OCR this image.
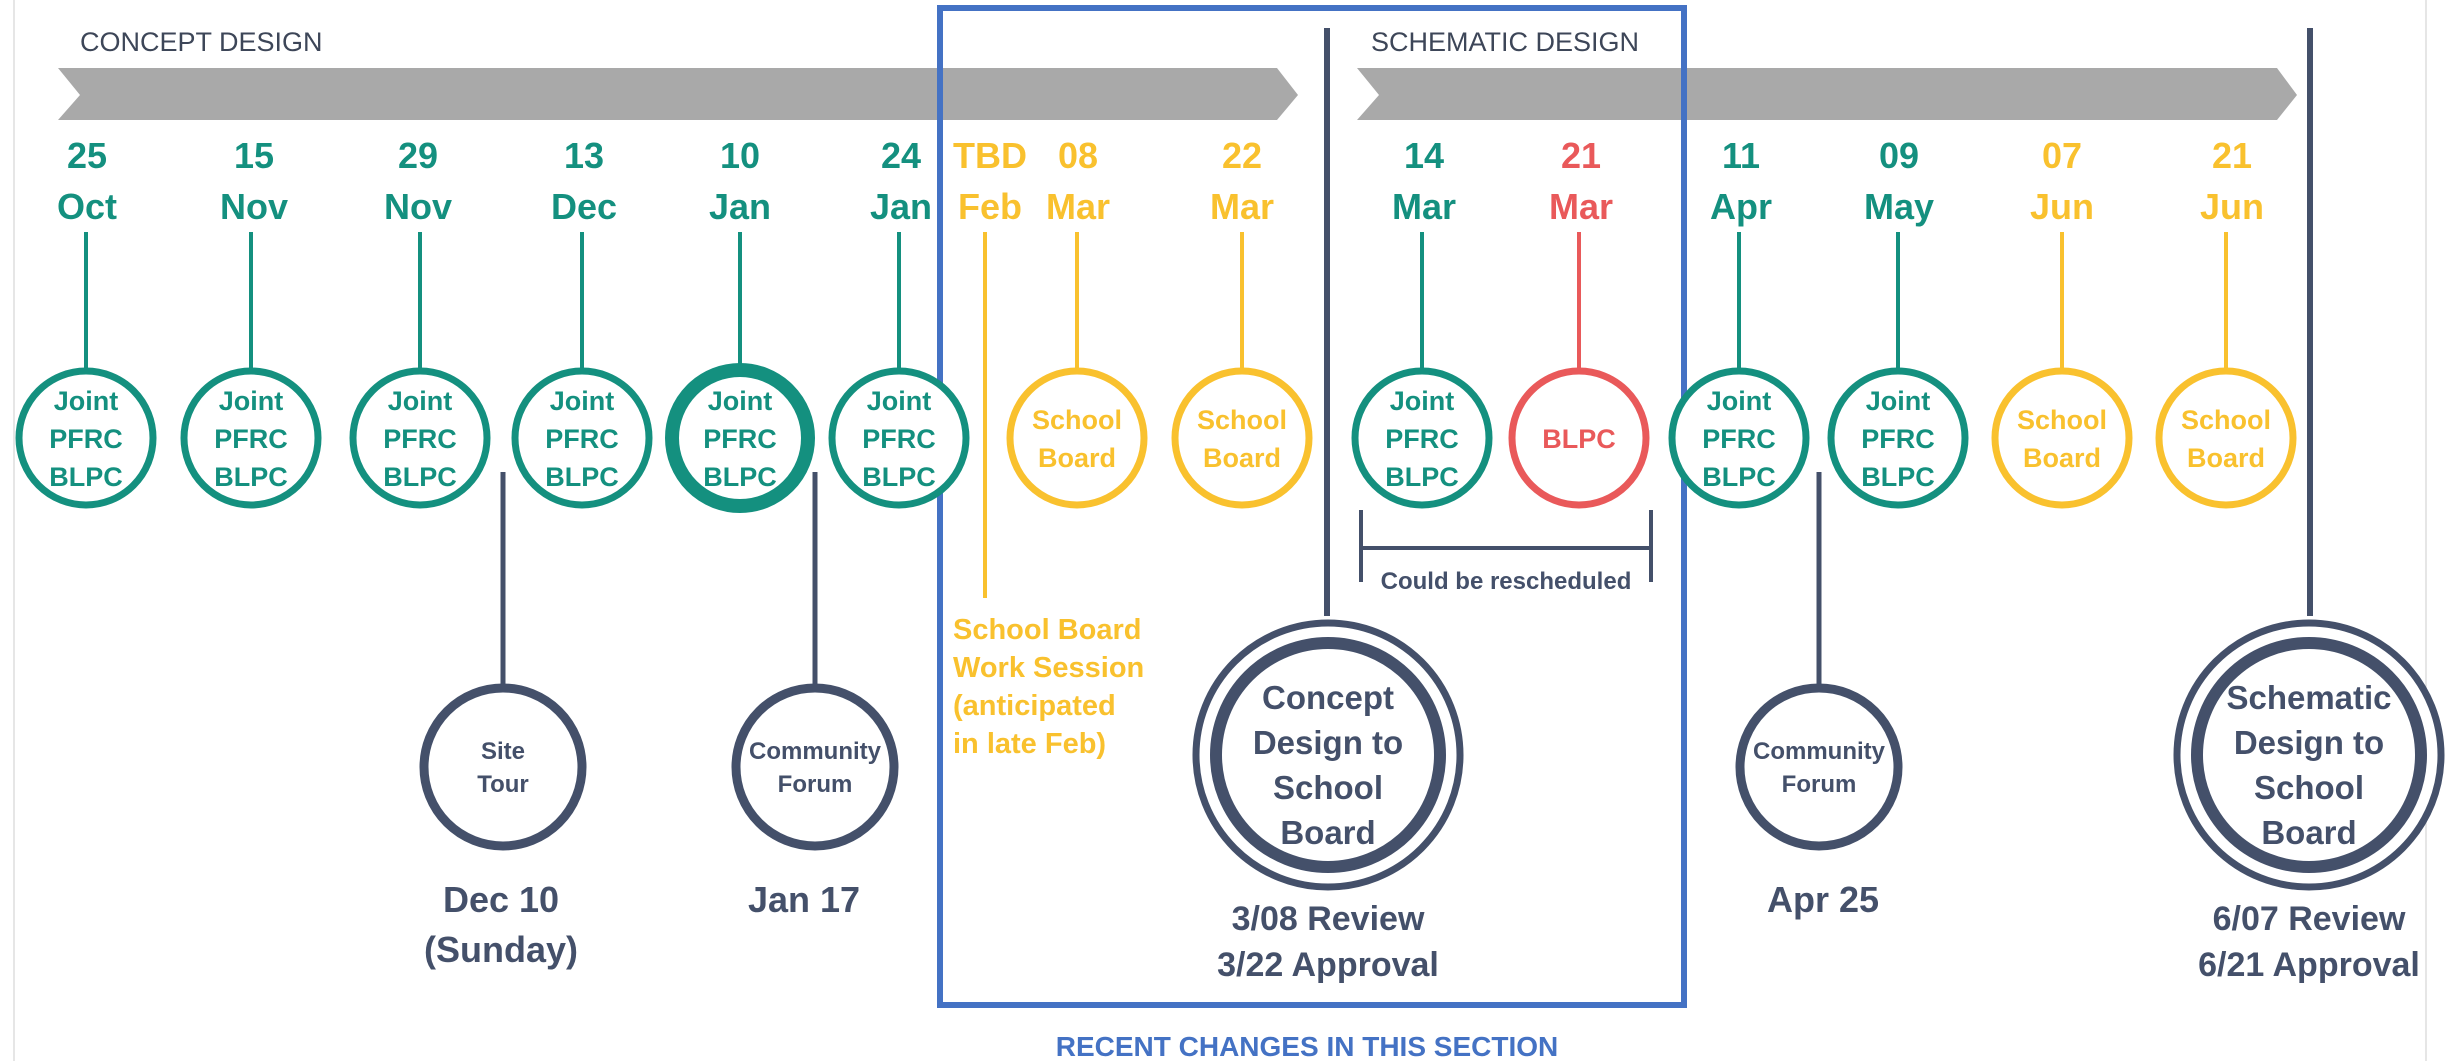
CONCEPT DESIGN	SCHEMATIC DESIGN
RECENT CHANGES IN THIS SECTION
25
Oct
15
Nov
29
Nov
13
Dec
10
Jan
24
Jan
08
Mar
22
Mar
14
Mar
21
Mar
11
Apr
09
May
07
Jun
21
Jun
TBD
Feb
School Board
Work Session
(anticipated
in late Feb)
Joint
PFRC
BLPC
Joint
PFRC
BLPC
Joint
PFRC
BLPC
Joint
PFRC
BLPC
Joint
PFRC
BLPC
Joint
PFRC
BLPC
School
Board
School
Board
Joint
PFRC
BLPC
BLPC
Joint
PFRC
BLPC
Joint
PFRC
BLPC
School
Board
School
Board
Could be rescheduled
Site
Tour
Dec 10
(Sunday)
Community
Forum
Jan 17
Community
Forum
Apr 25
Concept
Design to
School
Board
3/08 Review
3/22 Approval
Schematic
Design to
School
Board
6/07 Review
6/21 Approval
